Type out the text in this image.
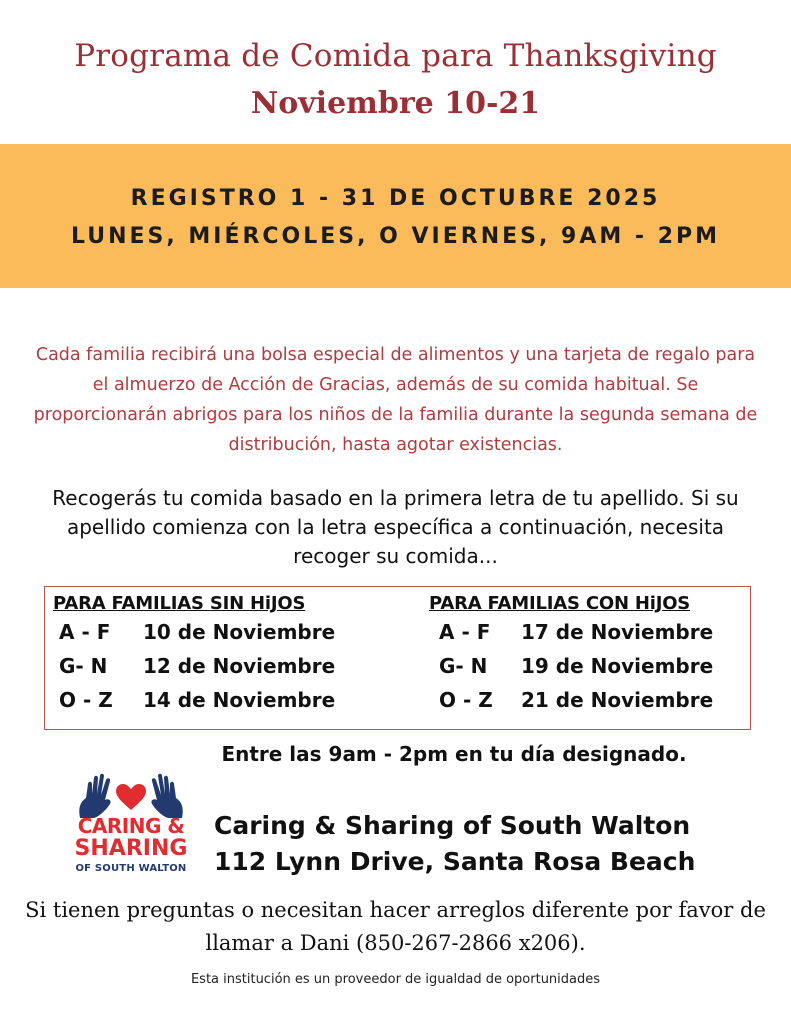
Programa de Comida para Thanksgiving
Noviembre 10-21
REGISTRO 1 - 31 DE OCTUBRE 2025
LUNES, MIÉRCOLES, O VIERNES, 9AM - 2PM
Cada familia recibirá una bolsa especial de alimentos y una tarjeta de regalo para el almuerzo de Acción de Gracias, además de su comida habitual. Se proporcionarán abrigos para los niños de la familia durante la segunda semana de distribución, hasta agotar existencias.
Recogerás tu comida basado en la primera letra de tu apellido. Si su apellido comienza con la letra específica a continuación, necesita recoger su comida...
PARA FAMILIAS SIN HiJOS
A - F 10 de Noviembre
G- N 12 de Noviembre
O - Z 14 de Noviembre
PARA FAMILIAS CON HiJOS
A - F 17 de Noviembre
G- N 19 de Noviembre
O - Z 21 de Noviembre
Entre las 9am - 2pm en tu día designado.
CARING &
SHARING
OF SOUTH WALTON
Caring & Sharing of South Walton
112 Lynn Drive, Santa Rosa Beach
Si tienen preguntas o necesitan hacer arreglos diferente por favor de llamar a Dani (850-267-2866 x206).
Esta institución es un proveedor de igualdad de oportunidades
